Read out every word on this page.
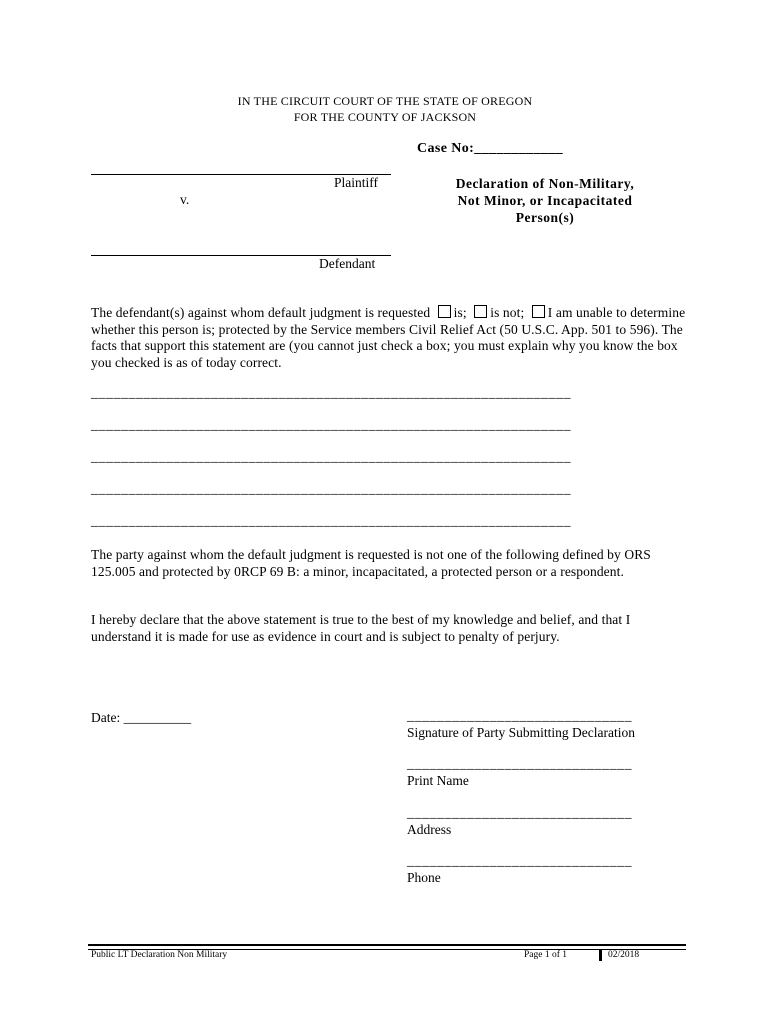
IN THE CIRCUIT COURT OF THE STATE OF OREGON
FOR THE COUNTY OF JACKSON
Case No:____________
Plaintiff
v.
Defendant
Declaration of Non-Military,
Not Minor, or Incapacitated
Person(s)
The defendant(s) against whom default judgment is requested is; is not; I am unable to determine whether this person is; protected by the Service members Civil Relief Act (50 U.S.C. App. 501 to 596). The facts that support this statement are (you cannot just check a box; you must explain why you know the box you checked is as of today correct.
________________________________________________________________
________________________________________________________________
________________________________________________________________
________________________________________________________________
________________________________________________________________
The party against whom the default judgment is requested is not one of the following defined by ORS 125.005 and protected by 0RCP 69 B: a minor, incapacitated, a protected person or a respondent.
I hereby declare that the above statement is true to the best of my knowledge and belief, and that I understand it is made for use as evidence in court and is subject to penalty of perjury.
Date: __________	______________________________
Signature of Party Submitting Declaration
______________________________
Print Name
______________________________
Address
______________________________
Phone
Public LT Declaration Non Military	Page 1 of 1	02/2018
